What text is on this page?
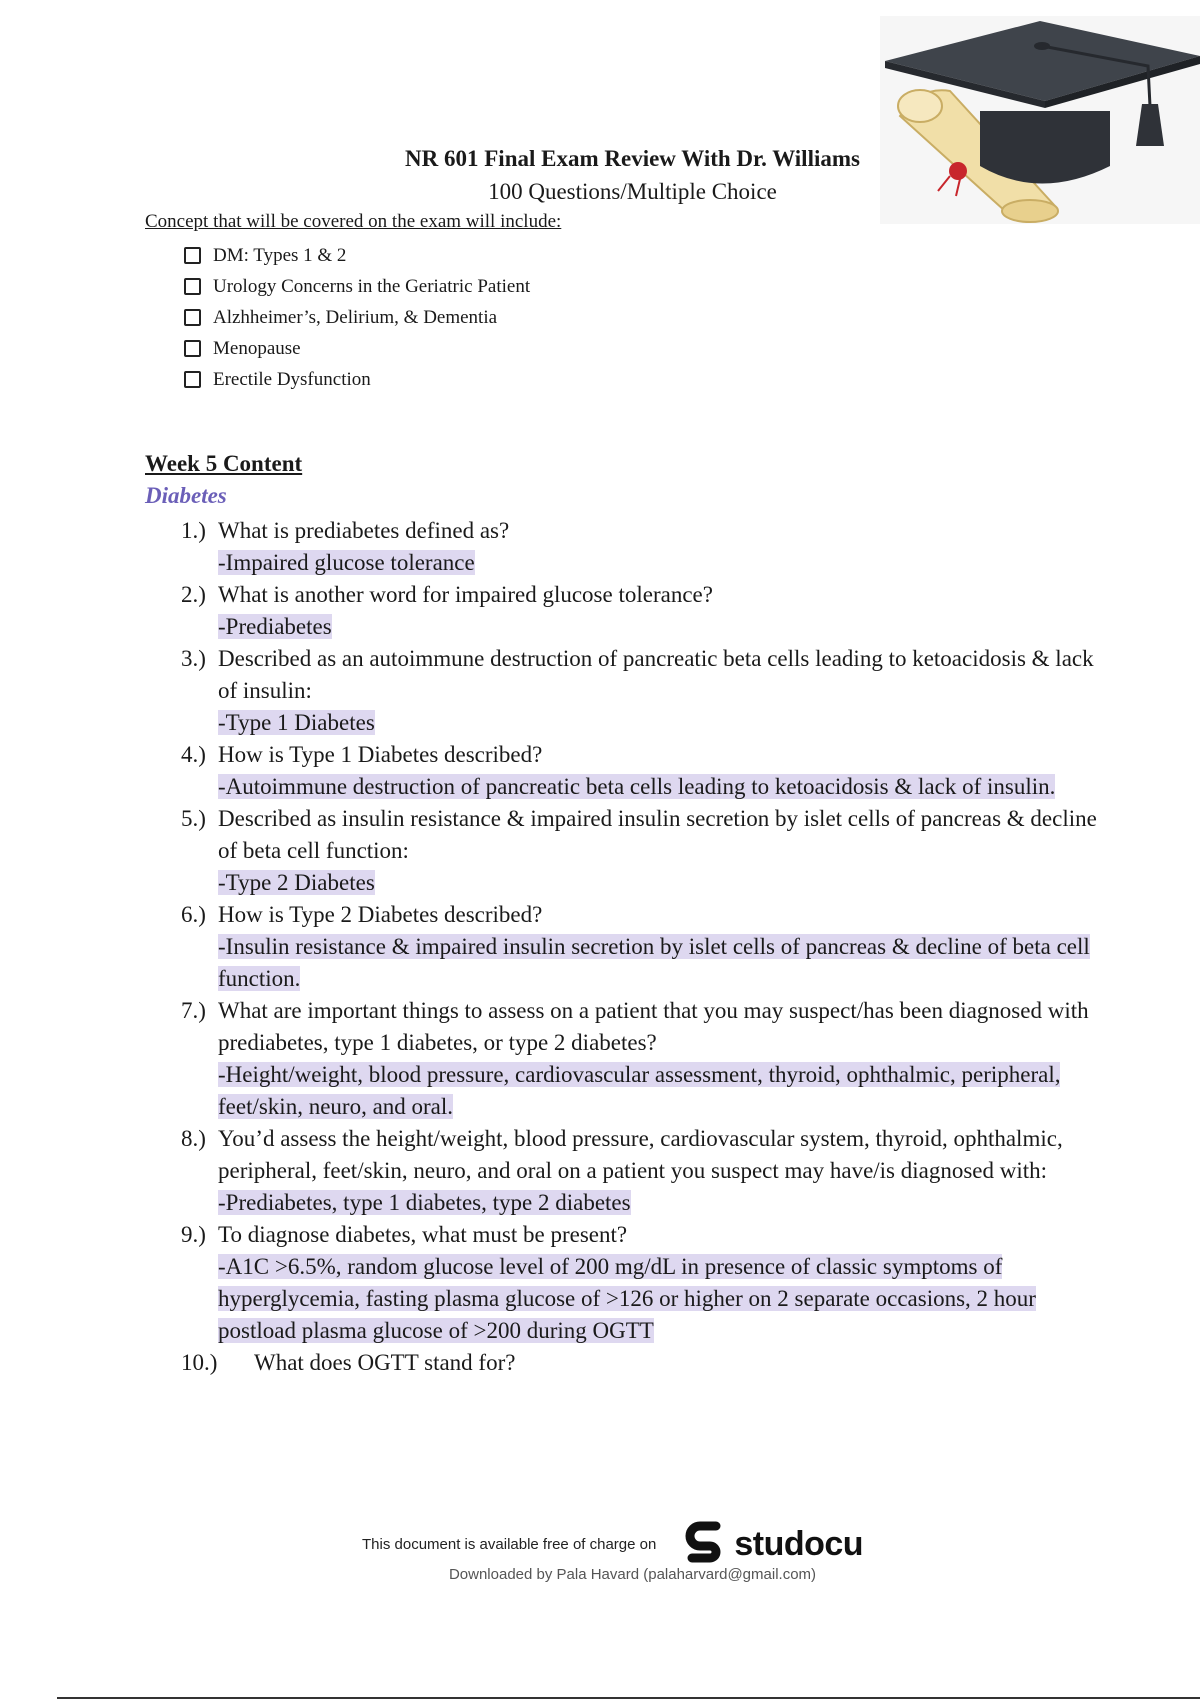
NR 601 Final Exam Review With Dr. Williams
100 Questions/Multiple Choice
Concept that will be covered on the exam will include:
DM: Types 1 & 2
Urology Concerns in the Geriatric Patient
Alzhheimer’s, Delirium, & Dementia
Menopause
Erectile Dysfunction
Week 5 Content
Diabetes
1.) What is prediabetes defined as?
-Impaired glucose tolerance
2.) What is another word for impaired glucose tolerance?
-Prediabetes
3.) Described as an autoimmune destruction of pancreatic beta cells leading to ketoacidosis & lack of insulin:
-Type 1 Diabetes
4.) How is Type 1 Diabetes described?
-Autoimmune destruction of pancreatic beta cells leading to ketoacidosis & lack of insulin.
5.) Described as insulin resistance & impaired insulin secretion by islet cells of pancreas & decline of beta cell function:
-Type 2 Diabetes
6.) How is Type 2 Diabetes described?
-Insulin resistance & impaired insulin secretion by islet cells of pancreas & decline of beta cell function.
7.) What are important things to assess on a patient that you may suspect/has been diagnosed with prediabetes, type 1 diabetes, or type 2 diabetes?
-Height/weight, blood pressure, cardiovascular assessment, thyroid, ophthalmic, peripheral, feet/skin, neuro, and oral.
8.) You’d assess the height/weight, blood pressure, cardiovascular system, thyroid, ophthalmic, peripheral, feet/skin, neuro, and oral on a patient you suspect may have/is diagnosed with:
-Prediabetes, type 1 diabetes, type 2 diabetes
9.) To diagnose diabetes, what must be present?
-A1C >6.5%, random glucose level of 200 mg/dL in presence of classic symptoms of hyperglycemia, fasting plasma glucose of >126 or higher on 2 separate occasions, 2 hour postload plasma glucose of >200 during OGTT
10.)	What does OGTT stand for?
This document is available free of charge on studocu
Downloaded by Pala Havard (palaharvard@gmail.com)
